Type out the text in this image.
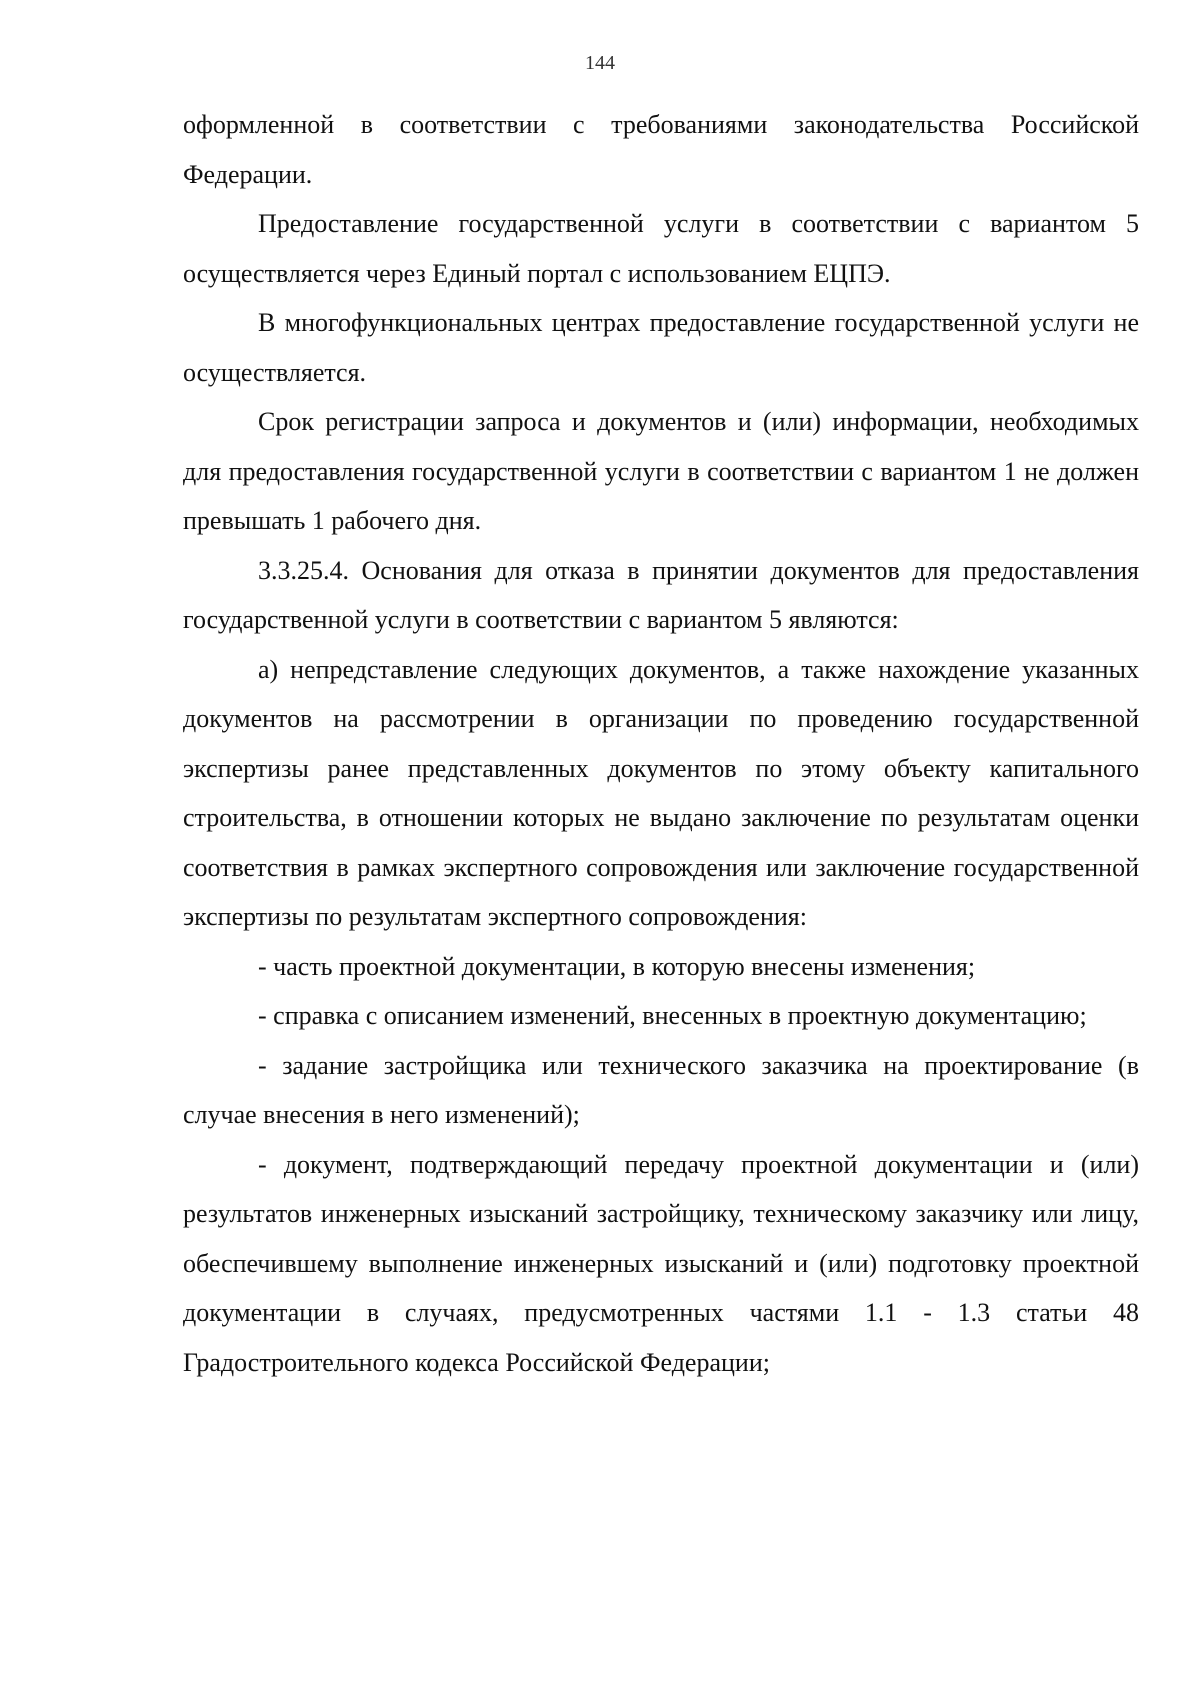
144

оформленной в соответствии с требованиями законодательства Российской Федерации.

Предоставление государственной услуги в соответствии с вариантом 5 осуществляется через Единый портал с использованием ЕЦПЭ.

В многофункциональных центрах предоставление государственной услуги не осуществляется.

Срок регистрации запроса и документов и (или) информации, необходимых для предоставления государственной услуги в соответствии с вариантом 1 не должен превышать 1 рабочего дня.

3.3.25.4. Основания для отказа в принятии документов для предоставления государственной услуги в соответствии с вариантом 5 являются:

а) непредставление следующих документов, а также нахождение указанных документов на рассмотрении в организации по проведению государственной экспертизы ранее представленных документов по этому объекту капитального строительства, в отношении которых не выдано заключение по результатам оценки соответствия в рамках экспертного сопровождения или заключение государственной экспертизы по результатам экспертного сопровождения:

- часть проектной документации, в которую внесены изменения;

- справка с описанием изменений, внесенных в проектную документацию;

- задание застройщика или технического заказчика на проектирование (в случае внесения в него изменений);

- документ, подтверждающий передачу проектной документации и (или) результатов инженерных изысканий застройщику, техническому заказчику или лицу, обеспечившему выполнение инженерных изысканий и (или) подготовку проектной документации в случаях, предусмотренных частями 1.1 - 1.3 статьи 48 Градостроительного кодекса Российской Федерации;
